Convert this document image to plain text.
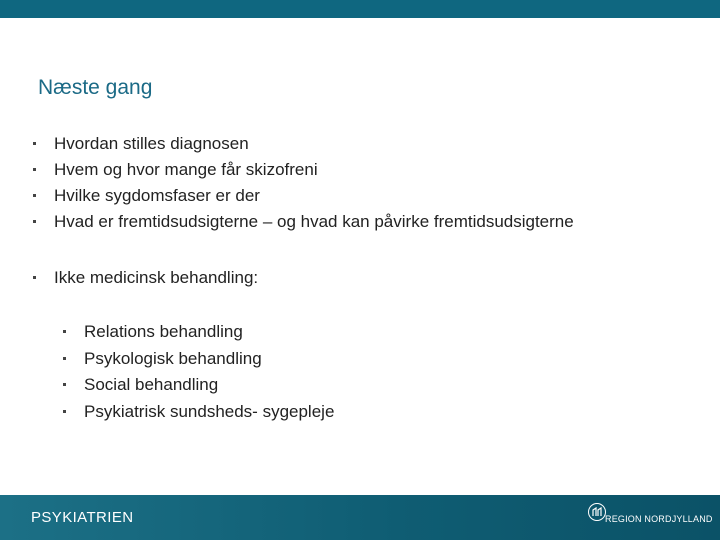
Næste gang
Hvordan stilles diagnosen
Hvem og hvor mange får skizofreni
Hvilke sygdomsfaser er der
Hvad er fremtidsudsigterne – og hvad kan påvirke fremtidsudsigterne
Ikke medicinsk behandling:
Relations behandling
Psykologisk behandling
Social behandling
Psykiatrisk sundsheds- sygepleje
PSYKIATRIEN	REGION NORDJYLLAND
